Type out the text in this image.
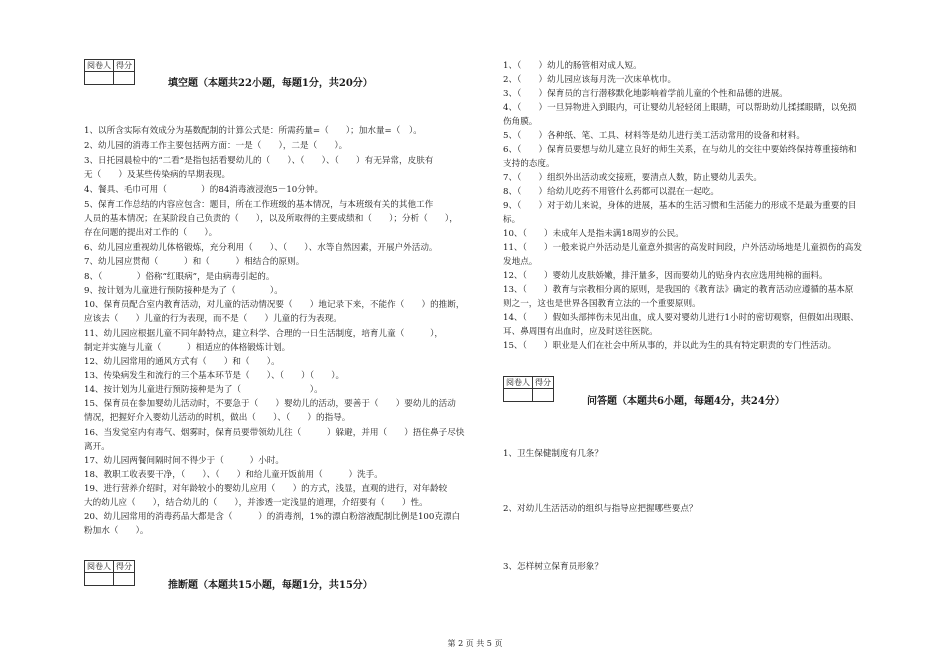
阅卷人	得分

填空题（本题共22小题，每题1分，共20分）
1、以所含实际有效成分为基数配制的计算公式是：所需药量=（　　）；加水量=（　）。
2、幼儿园的消毒工作主要包括两方面：一是（　　），二是（　　）。
3、日托园晨检中的“二看”是指包括看婴幼儿的（　　）、（　　）、（　　）有无异常，皮肤有
无（　　）及某些传染病的早期表现。
4、餐具、毛巾可用（　　　　）的84消毒液浸泡5－10分钟。
5、保育工作总结的内容应包含：题目，所在工作班级的基本情况，与本班级有关的其他工作
人员的基本情况；在某阶段自己负责的（　　），以及所取得的主要成绩和（　　）；分析（　　），
存在问题的提出对工作的（　　）。
6、幼儿园应重视幼儿体格锻炼，充分利用（　　）、（　　）、水等自然因素，开展户外活动。
7、幼儿园应贯彻（　　　）和（　　　）相结合的原则。
8、（　　　　）俗称“红眼病”，是由病毒引起的。
9、按计划为儿童进行预防接种是为了（　　　　）。
10、保育员配合室内教育活动，对儿童的活动情况要（　　）地记录下来，不能作（　　）的推断，
应该去（　　）儿童的行为表现，而不是（　　）儿童的行为表现。
11、幼儿园应根据儿童不同年龄特点，建立科学、合理的一日生活制度，培育儿童（　　　），
制定并实施与儿童（　　　）相适应的体格锻炼计划。
12、幼儿园常用的通风方式有（　　）和（　　）。
13、传染病发生和流行的三个基本环节是（　　）、（　　）（　　）。
14、按计划为儿童进行预防接种是为了（　　　　　　　　）。
15、保育员在参加婴幼儿活动时，不要急于（　　）婴幼儿的活动，要善于（　　）要幼儿的活动
情况，把握好介入婴幼儿活动的时机，做出（　　）、（　　）的指导。
16、当发觉室内有毒气、烟雾时，保育员要带领幼儿往（　　　）躲避，并用（　　）捂住鼻子尽快
离开。
17、幼儿园两餐间隔时间不得少于（　　　）小时。
18、教职工收表要干净，（　　）、（　　）和给儿童开饭前用（　　　）洗手。
19、进行营养介绍时，对年龄较小的婴幼儿应用（　　）的方式，浅显，直观的进行，对年龄较
大的幼儿应（　　），结合幼儿的（　　），并渗透一定浅显的道理，介绍要有（　　）性。
20、幼儿园常用的消毒药品大都是含（　　　）的消毒剂，1%的漂白粉溶液配制比例是100克漂白
粉加水（　　）。
阅卷人	得分

推断题（本题共15小题，每题1分，共15分）
1、（　　）幼儿的肠管相对成人短。
2、（　　）幼儿园应该每月洗一次床单枕巾。
3、（　　）保育员的言行潜移默化地影响着学前儿童的个性和品德的进展。
4、（　　）一旦异物进入到眼内，可让婴幼儿轻轻闭上眼睛，可以帮助幼儿揉揉眼睛，以免损
伤角膜。
5、（　　）各种纸、笔、工具、材料等是幼儿进行美工活动常用的设备和材料。
6、（　　）保育员要想与幼儿建立良好的师生关系，在与幼儿的交往中要始终保持尊重接纳和
支持的态度。
7、（　　）组织外出活动或交接班，要清点人数，防止婴幼儿丢失。
8、（　　）给幼儿吃药不用管什么药都可以混在一起吃。
9、（　　）对于幼儿来说，身体的进展，基本的生活习惯和生活能力的形成不是最为重要的目
标。
10、（　　）未成年人是指未满18周岁的公民。
11、（　　）一般来说户外活动是儿童意外损害的高发时间段，户外活动场地是儿童损伤的高发
发地点。
12、（　　）婴幼儿皮肤娇嫩，排汗量多，因而要幼儿的贴身内衣应选用纯棉的面料。
13、（　　）教育与宗教相分离的原则，是我国的《教育法》确定的教育活动应遵循的基本原
则之一，这也是世界各国教育立法的一个重要原则。
14、（　　）假如头部摔伤未见出血，成人要对婴幼儿进行1小时的密切观察，但假如出现眼、
耳、鼻周围有出血时，应及时送往医院。
15、（　　）职业是人们在社会中所从事的，并以此为生的具有特定职责的专门性活动。
阅卷人	得分

问答题（本题共6小题，每题4分，共24分）
1、卫生保健制度有几条？
2、对幼儿生活活动的组织与指导应把握哪些要点？
3、怎样树立保育员形象？
第 2 页 共 5 页
